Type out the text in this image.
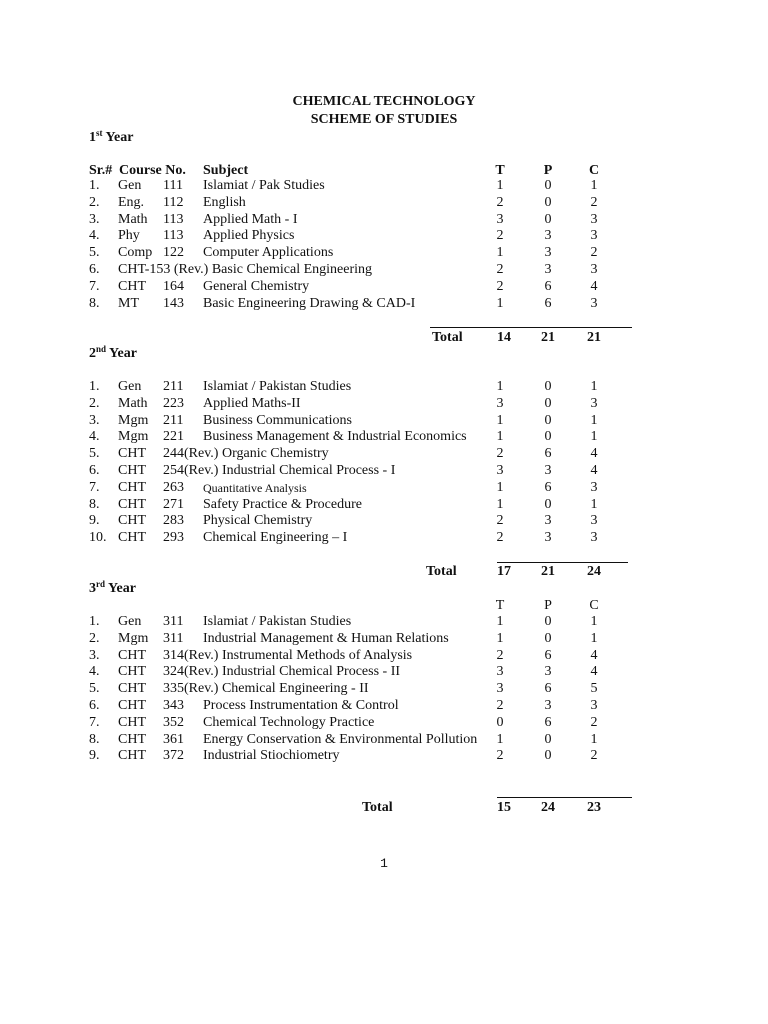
CHEMICAL TECHNOLOGY
SCHEME OF STUDIES
1st Year
Sr.# Course No. Subject	T	P	C
1. Gen 111 Islamiat / Pak Studies	1	0	1
2. Eng. 112 English	2	0	2
3. Math 113 Applied Math - I	3	0	3
4. Phy 113 Applied Physics	2	3	3
5. Comp 122 Computer Applications	1	3	2
6. CHT-153 (Rev.) Basic Chemical Engineering	2	3	3
7. CHT 164 General Chemistry	2	6	4
8. MT 143 Basic Engineering Drawing & CAD-I	1	6	3
Total	14	21	21
2nd Year
1. Gen 211 Islamiat / Pakistan Studies	1	0	1
2. Math 223 Applied Maths-II	3	0	3
3. Mgm 211 Business Communications	1	0	1
4. Mgm 221 Business Management & Industrial Economics	1	0	1
5. CHT 244(Rev.) Organic Chemistry	2	6	4
6. CHT 254(Rev.) Industrial Chemical Process - I	3	3	4
7. CHT 263 Quantitative Analysis	1	6	3
8. CHT 271 Safety Practice & Procedure	1	0	1
9. CHT 283 Physical Chemistry	2	3	3
10. CHT 293 Chemical Engineering – I	2	3	3
Total	17	21	24
3rd Year
T	P	C
1. Gen 311 Islamiat / Pakistan Studies	1	0	1
2. Mgm 311 Industrial Management & Human Relations	1	0	1
3. CHT 314(Rev.) Instrumental Methods of Analysis	2	6	4
4. CHT 324(Rev.) Industrial Chemical Process - II	3	3	4
5. CHT 335(Rev.) Chemical Engineering - II	3	6	5
6. CHT 343 Process Instrumentation & Control	2	3	3
7. CHT 352 Chemical Technology Practice	0	6	2
8. CHT 361 Energy Conservation & Environmental Pollution	1	0	1
9. CHT 372 Industrial Stiochiometry	2	0	2
Total	15	24	23
1
